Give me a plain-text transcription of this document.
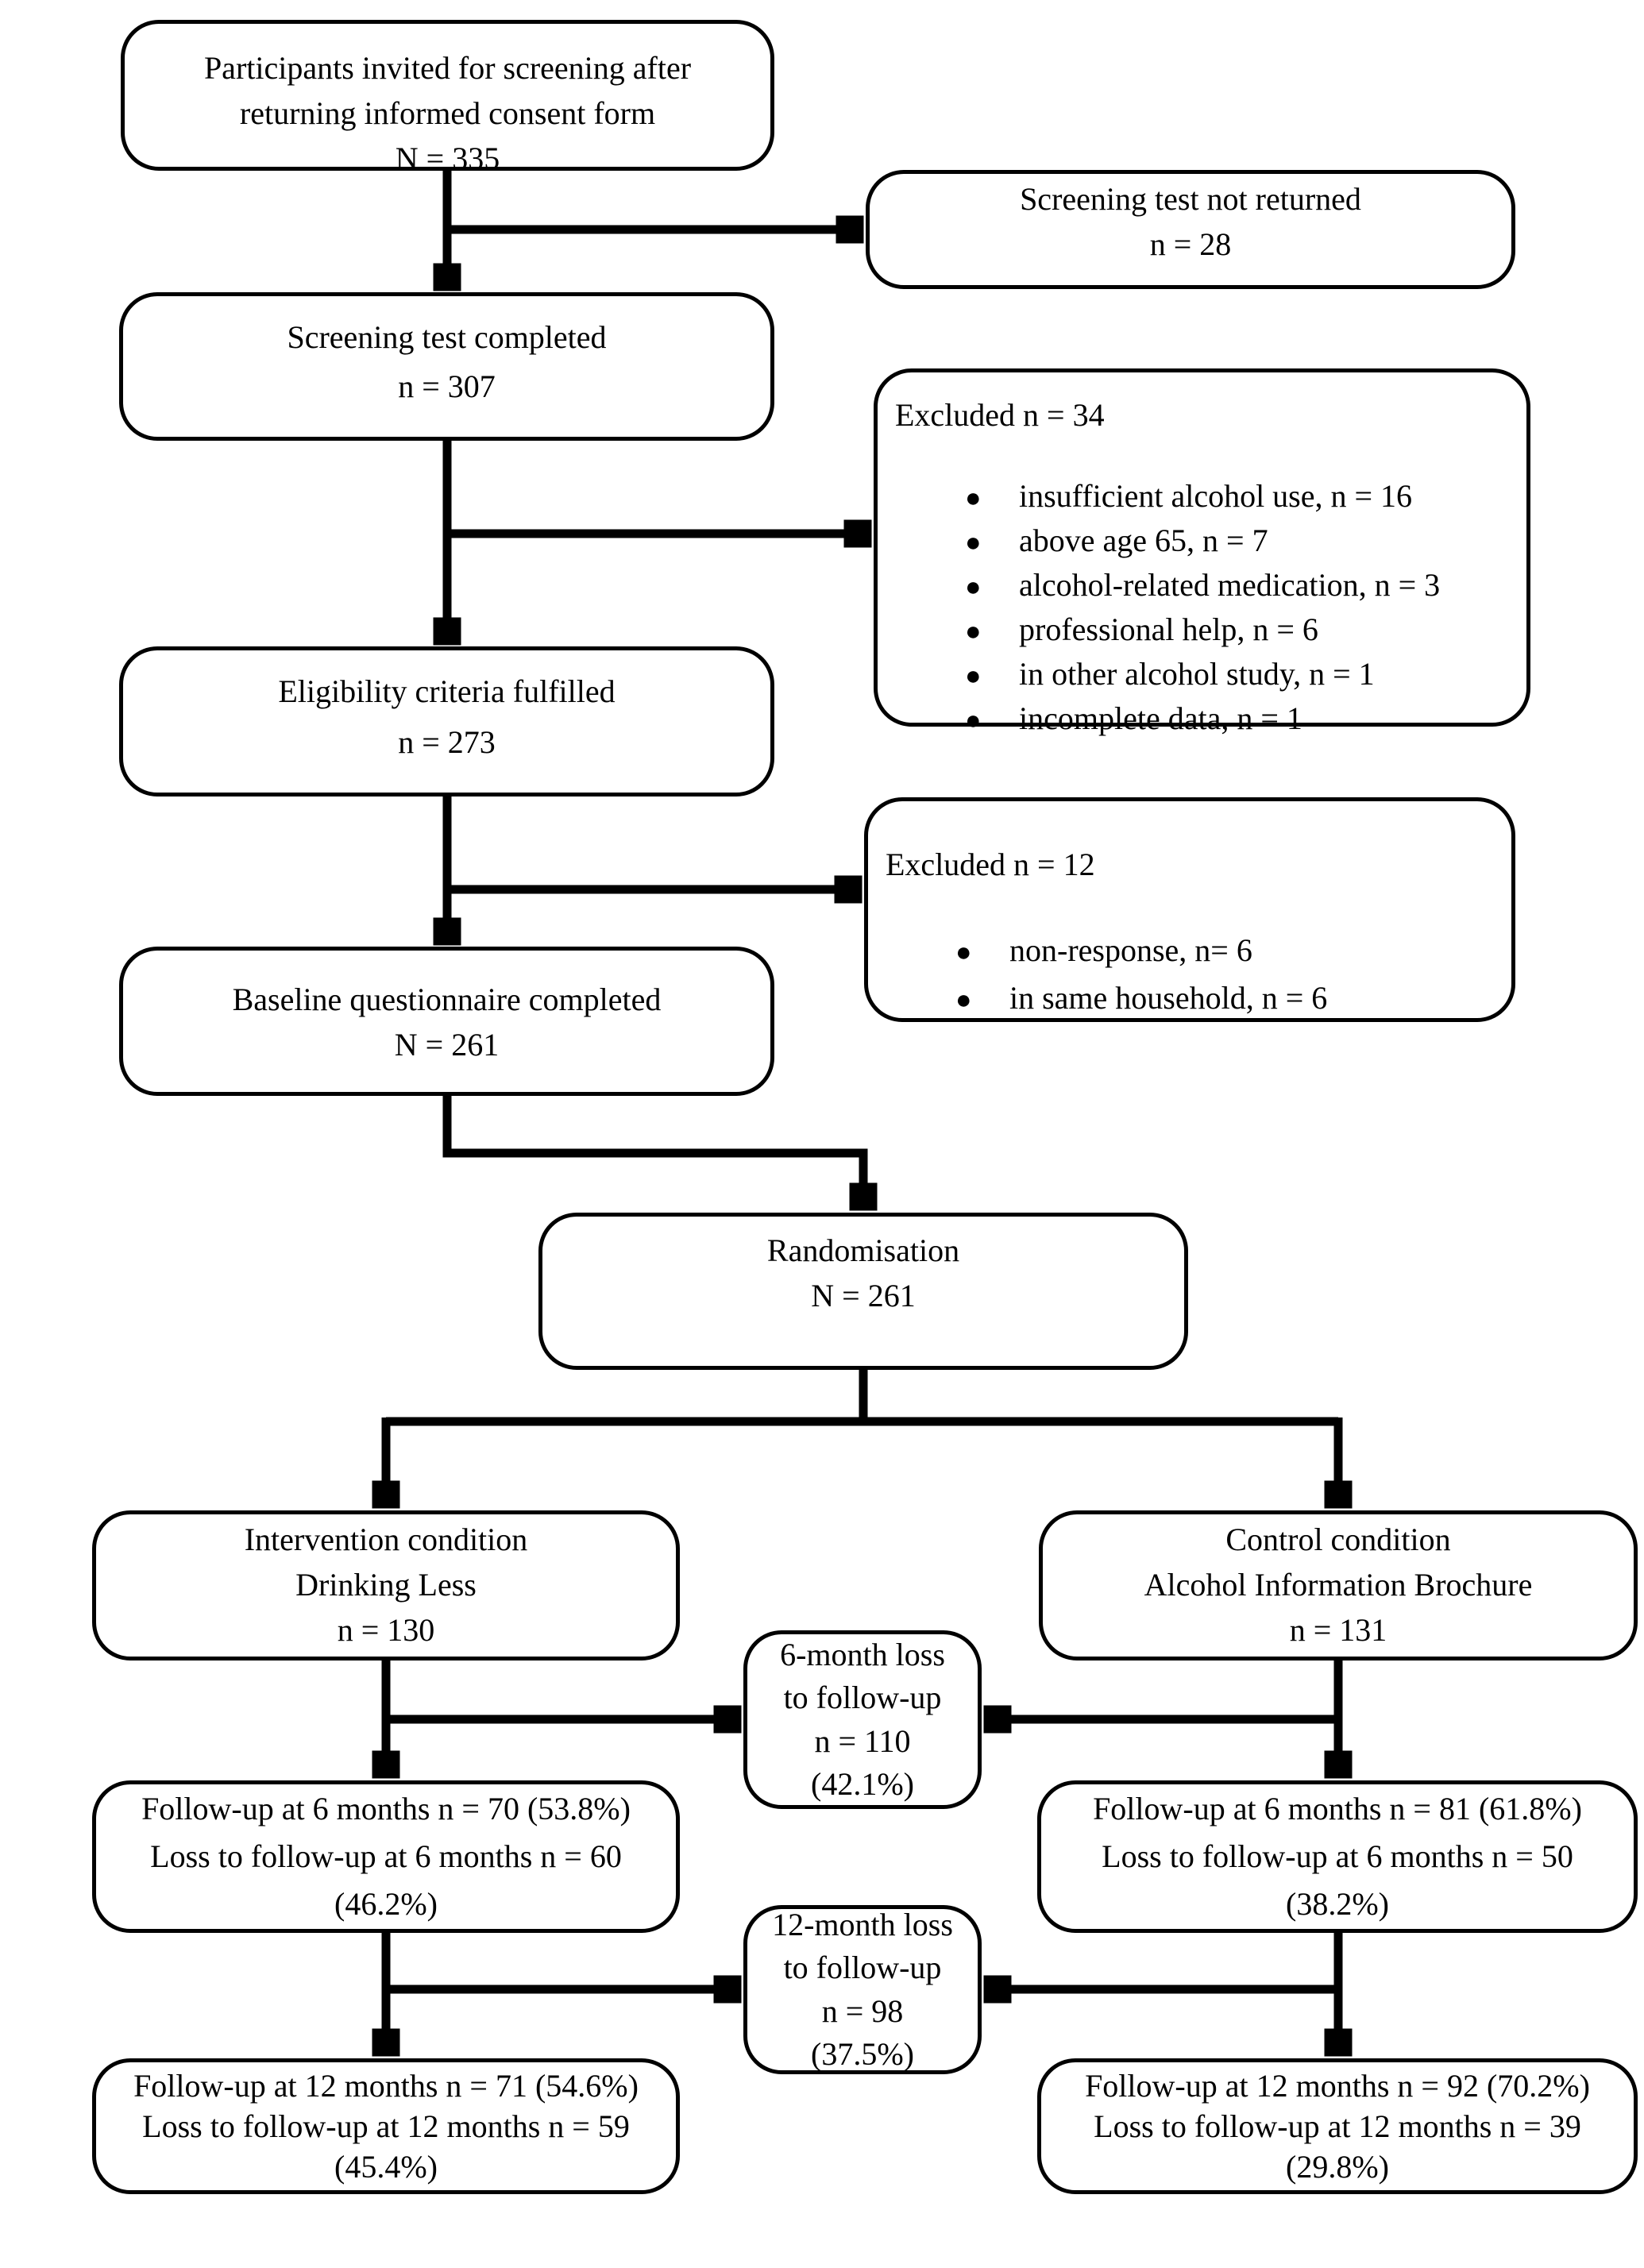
Participants invited for screening after
returning informed consent form
N = 335
Screening test not returned
n = 28
Screening test completed
n = 307
Excluded n = 34
● insufficient alcohol use, n = 16
● above age 65, n = 7
● alcohol-related medication, n = 3
● professional help, n = 6
● in other alcohol study, n = 1
● incomplete data, n = 1
Eligibility criteria fulfilled
n = 273
Excluded n = 12
● non-response, n= 6
● in same household, n = 6
Baseline questionnaire completed
N = 261
Randomisation
N = 261
Intervention condition
Drinking Less
n = 130
Control condition
Alcohol Information Brochure
n = 131
6-month loss
to follow-up
n = 110
(42.1%)
Follow-up at 6 months n = 70 (53.8%)
Loss to follow-up at 6 months n = 60
(46.2%)
Follow-up at 6 months n = 81 (61.8%)
Loss to follow-up at 6 months n = 50
(38.2%)
12-month loss
to follow-up
n = 98
(37.5%)
Follow-up at 12 months n = 71 (54.6%)
Loss to follow-up at 12 months n = 59
(45.4%)
Follow-up at 12 months n = 92 (70.2%)
Loss to follow-up at 12 months n = 39
(29.8%)
